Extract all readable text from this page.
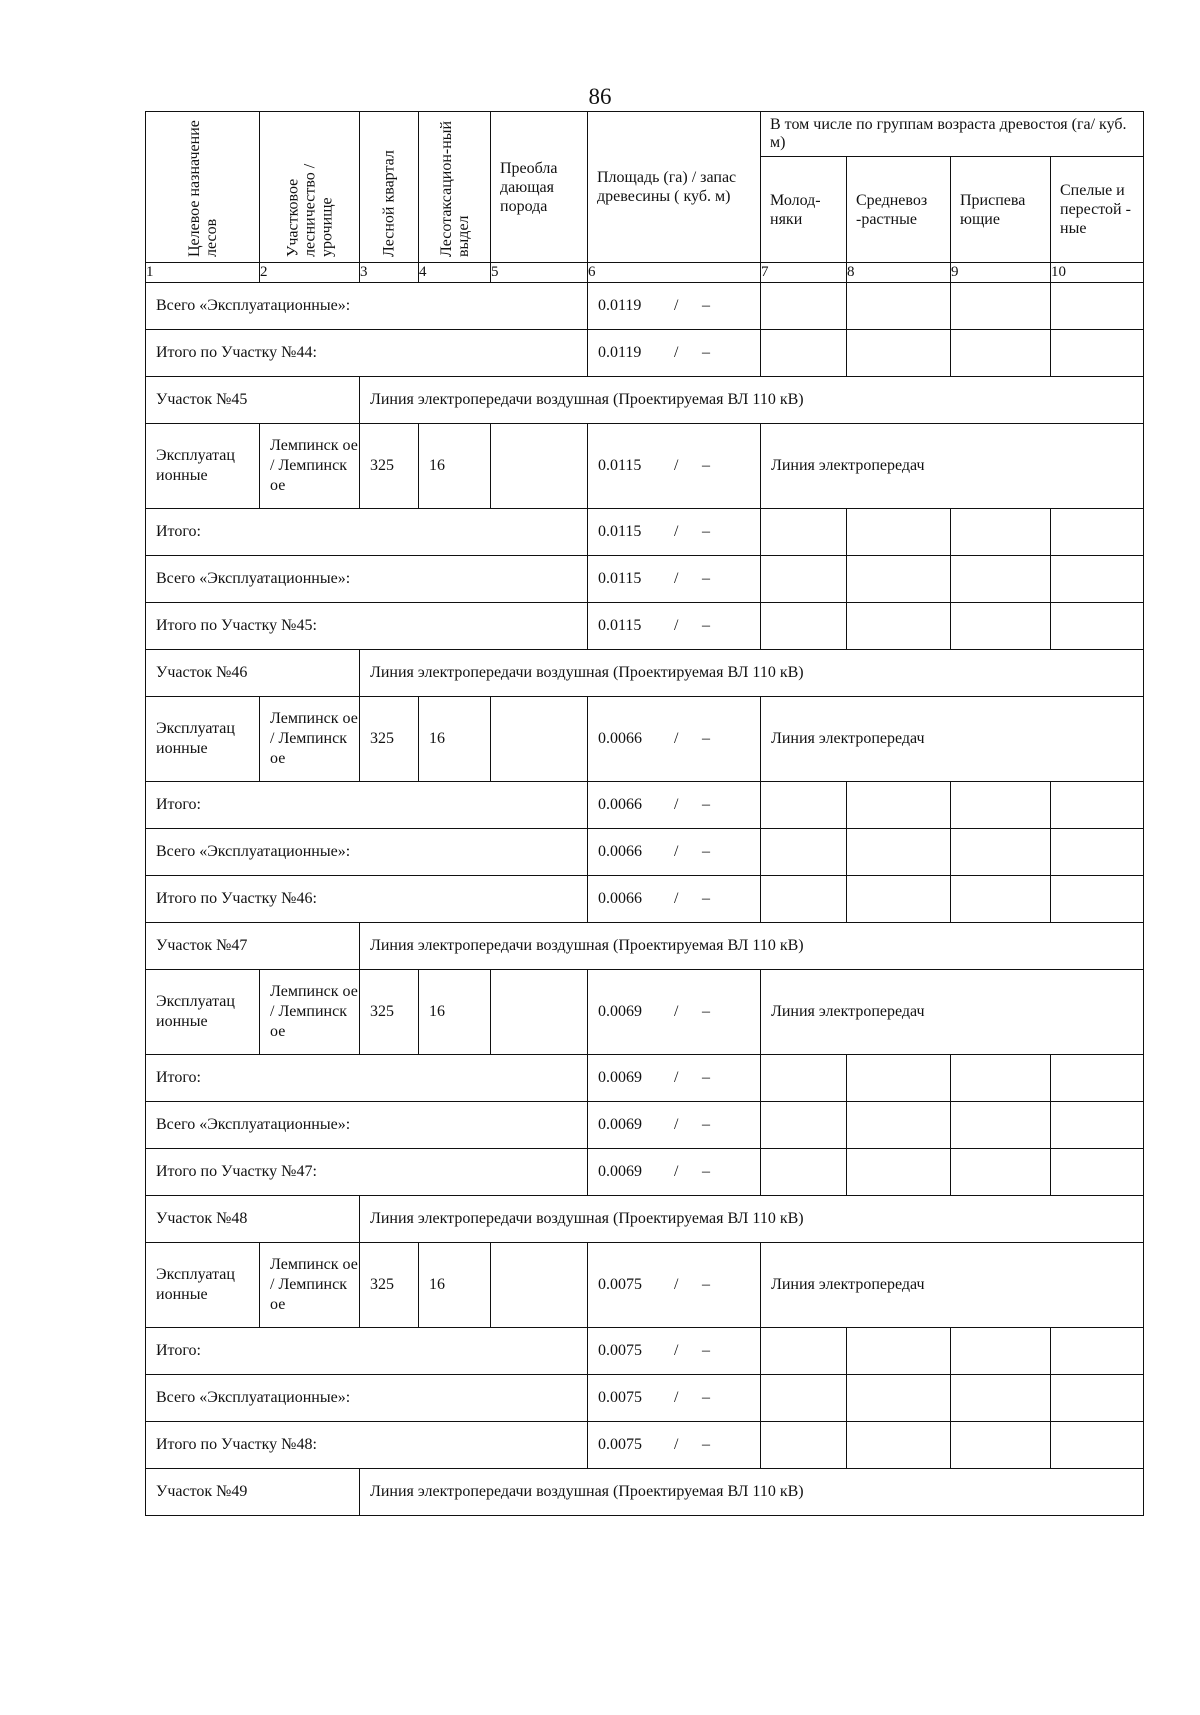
86
Целевое назначение лесов	Участковое лесничество / урочище	Лесной квартал	Лесотаксацион-ный выдел	Преобла дающая порода	Площадь (га) / запас древесины ( куб. м)	В том числе по группам возраста древостоя (га/ куб. м)			
						Молод-няки	Средневоз -растные	Приспева ющие	Спелые и перестой - ные
1	2	3	4	5	6	7	8	9	10
Всего «Эксплуатационные»:					0.0119 / –				
Итого по Участку №44:					0.0119 / –				
Участок №45		Линия электропередачи воздушная (Проектируемая ВЛ 110 кВ)							
Эксплуатац ионные	Лемпинск ое / Лемпинск ое	325	16		0.0115 / –	Линия электропередач			
Итого:					0.0115 / –				
Всего «Эксплуатационные»:					0.0115 / –				
Итого по Участку №45:					0.0115 / –				
Участок №46		Линия электропередачи воздушная (Проектируемая ВЛ 110 кВ)							
Эксплуатац ионные	Лемпинск ое / Лемпинск ое	325	16		0.0066 / –	Линия электропередач			
Итого:					0.0066 / –				
Всего «Эксплуатационные»:					0.0066 / –				
Итого по Участку №46:					0.0066 / –				
Участок №47		Линия электропередачи воздушная (Проектируемая ВЛ 110 кВ)							
Эксплуатац ионные	Лемпинск ое / Лемпинск ое	325	16		0.0069 / –	Линия электропередач			
Итого:					0.0069 / –				
Всего «Эксплуатационные»:					0.0069 / –				
Итого по Участку №47:					0.0069 / –				
Участок №48		Линия электропередачи воздушная (Проектируемая ВЛ 110 кВ)							
Эксплуатац ионные	Лемпинск ое / Лемпинск ое	325	16		0.0075 / –	Линия электропередач			
Итого:					0.0075 / –				
Всего «Эксплуатационные»:					0.0075 / –				
Итого по Участку №48:					0.0075 / –				
Участок №49		Линия электропередачи воздушная (Проектируемая ВЛ 110 кВ)							
